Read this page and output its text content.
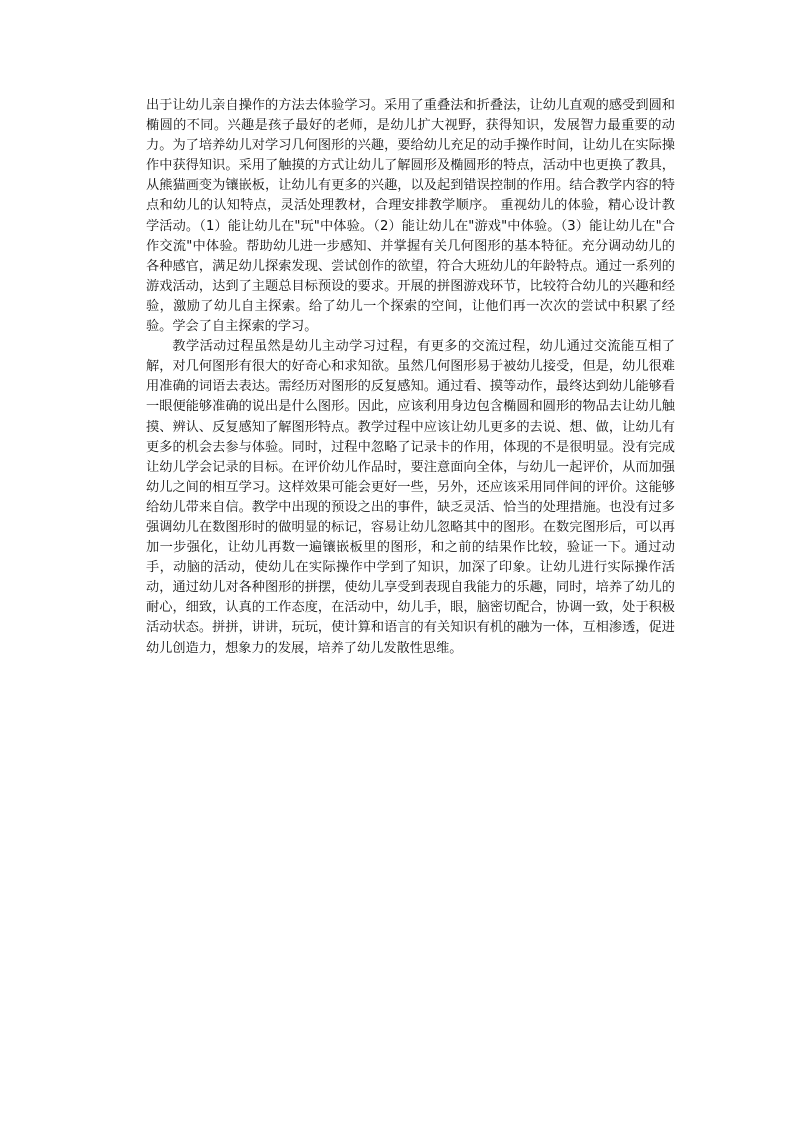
出于让幼儿亲自操作的方法去体验学习。采用了重叠法和折叠法，让幼儿直观的感受到圆和椭圆的不同。兴趣是孩子最好的老师，是幼儿扩大视野，获得知识，发展智力最重要的动力。为了培养幼儿对学习几何图形的兴趣，要给幼儿充足的动手操作时间，让幼儿在实际操作中获得知识。采用了触摸的方式让幼儿了解圆形及椭圆形的特点，活动中也更换了教具，从熊猫画变为镶嵌板，让幼儿有更多的兴趣，以及起到错误控制的作用。结合教学内容的特点和幼儿的认知特点，灵活处理教材，合理安排教学顺序。 重视幼儿的体验，精心设计教学活动。（1）能让幼儿在"玩"中体验。（2）能让幼儿在"游戏"中体验。（3）能让幼儿在"合作交流"中体验。帮助幼儿进一步感知、并掌握有关几何图形的基本特征。充分调动幼儿的各种感官，满足幼儿探索发现、尝试创作的欲望，符合大班幼儿的年龄特点。通过一系列的游戏活动，达到了主题总目标预设的要求。开展的拼图游戏环节，比较符合幼儿的兴趣和经验，激励了幼儿自主探索。给了幼儿一个探索的空间，让他们再一次次的尝试中积累了经验。学会了自主探索的学习。

教学活动过程虽然是幼儿主动学习过程，有更多的交流过程，幼儿通过交流能互相了解，对几何图形有很大的好奇心和求知欲。虽然几何图形易于被幼儿接受，但是，幼儿很难用准确的词语去表达。需经历对图形的反复感知。通过看、摸等动作，最终达到幼儿能够看一眼便能够准确的说出是什么图形。因此，应该利用身边包含椭圆和圆形的物品去让幼儿触摸、辨认、反复感知了解图形特点。教学过程中应该让幼儿更多的去说、想、做，让幼儿有更多的机会去参与体验。同时，过程中忽略了记录卡的作用，体现的不是很明显。没有完成让幼儿学会记录的目标。在评价幼儿作品时，要注意面向全体，与幼儿一起评价，从而加强幼儿之间的相互学习。这样效果可能会更好一些，另外，还应该采用同伴间的评价。这能够给幼儿带来自信。教学中出现的预设之出的事件，缺乏灵活、恰当的处理措施。也没有过多强调幼儿在数图形时的做明显的标记，容易让幼儿忽略其中的图形。在数完图形后，可以再加一步强化，让幼儿再数一遍镶嵌板里的图形，和之前的结果作比较，验证一下。通过动手，动脑的活动，使幼儿在实际操作中学到了知识，加深了印象。让幼儿进行实际操作活动，通过幼儿对各种图形的拼摆，使幼儿享受到表现自我能力的乐趣，同时，培养了幼儿的耐心，细致，认真的工作态度，在活动中，幼儿手，眼，脑密切配合，协调一致，处于积极活动状态。拼拼，讲讲，玩玩，使计算和语言的有关知识有机的融为一体，互相渗透，促进幼儿创造力，想象力的发展，培养了幼儿发散性思维。
